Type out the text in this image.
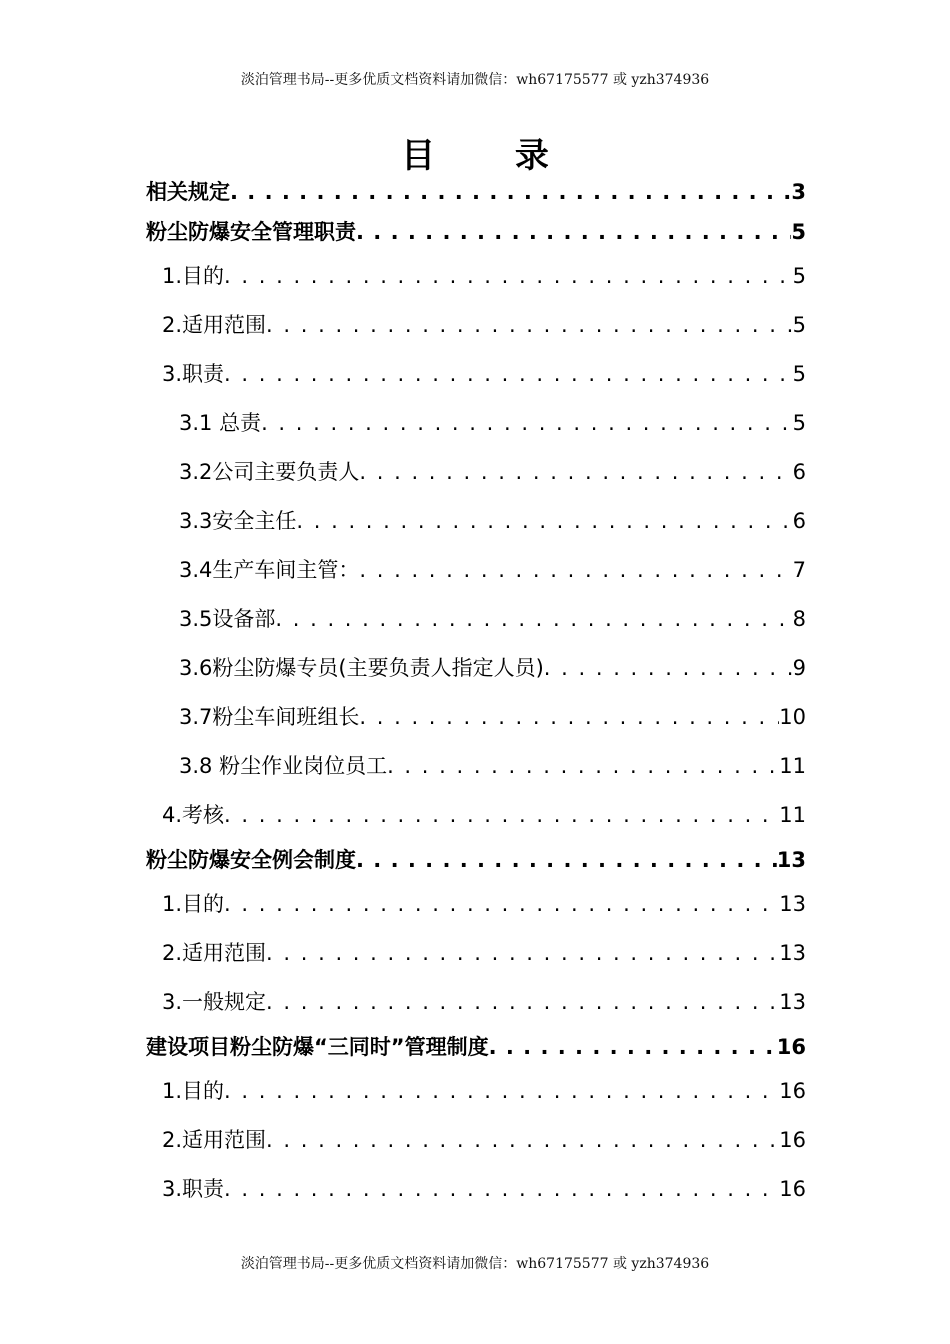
淡泊管理书局--更多优质文档资料请加微信：wh67175577 或 yzh374936
目 录
相关规定 . . .	3
粉尘防爆安全管理职责 . . .	5
1.目的 . . .	5
2.适用范围 . . .	5
3.职责 . . .	5
3.1 总责 . . .	5
3.2公司主要负责人 . . .	6
3.3安全主任 . . .	6
3.4生产车间主管： . . .	7
3.5设备部 . . .	8
3.6粉尘防爆专员(主要负责人指定人员) . . .	9
3.7粉尘车间班组长 . . .	10
3.8 粉尘作业岗位员工 . . .	11
4.考核 . . .	11
粉尘防爆安全例会制度 . . .	13
1.目的 . . .	13
2.适用范围 . . .	13
3.一般规定 . . .	13
建设项目粉尘防爆“三同时”管理制度 . . .	16
1.目的 . . .	16
2.适用范围 . . .	16
3.职责 . . .	16
淡泊管理书局--更多优质文档资料请加微信：wh67175577 或 yzh374936
